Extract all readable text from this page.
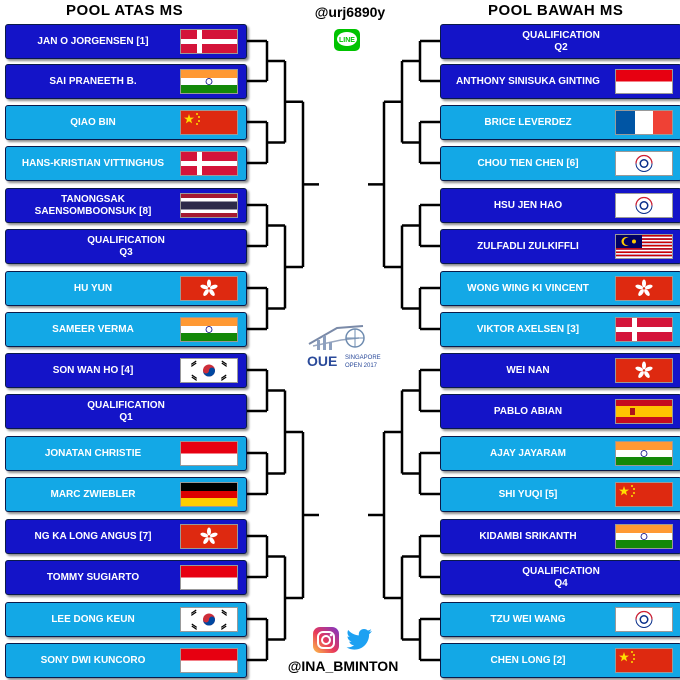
POOL ATAS MS	POOL BAWAH MS
@urj6890y
LINE
JAN O JORGENSEN [1]
SAI PRANEETH B.
QIAO BIN
HANS-KRISTIAN VITTINGHUS
TANONGSAK SAENSOMBOONSUK [8]
QUALIFICATION
Q3
HU YUN
SAMEER VERMA
SON WAN HO [4]
QUALIFICATION
Q1
JONATAN CHRISTIE
MARC ZWIEBLER
NG KA LONG ANGUS [7]
TOMMY SUGIARTO
LEE DONG KEUN
SONY DWI KUNCORO
QUALIFICATION
Q2
ANTHONY SINISUKA GINTING
BRICE LEVERDEZ
CHOU TIEN CHEN [6]
HSU JEN HAO
ZULFADLI ZULKIFFLI
WONG WING KI VINCENT
VIKTOR AXELSEN [3]
WEI NAN
PABLO ABIAN
AJAY JAYARAM
SHI YUQI [5]
KIDAMBI SRIKANTH
QUALIFICATION
Q4
TZU WEI WANG
CHEN LONG [2]
OUE SINGAPORE
OPEN 2017
@INA_BMINTON
